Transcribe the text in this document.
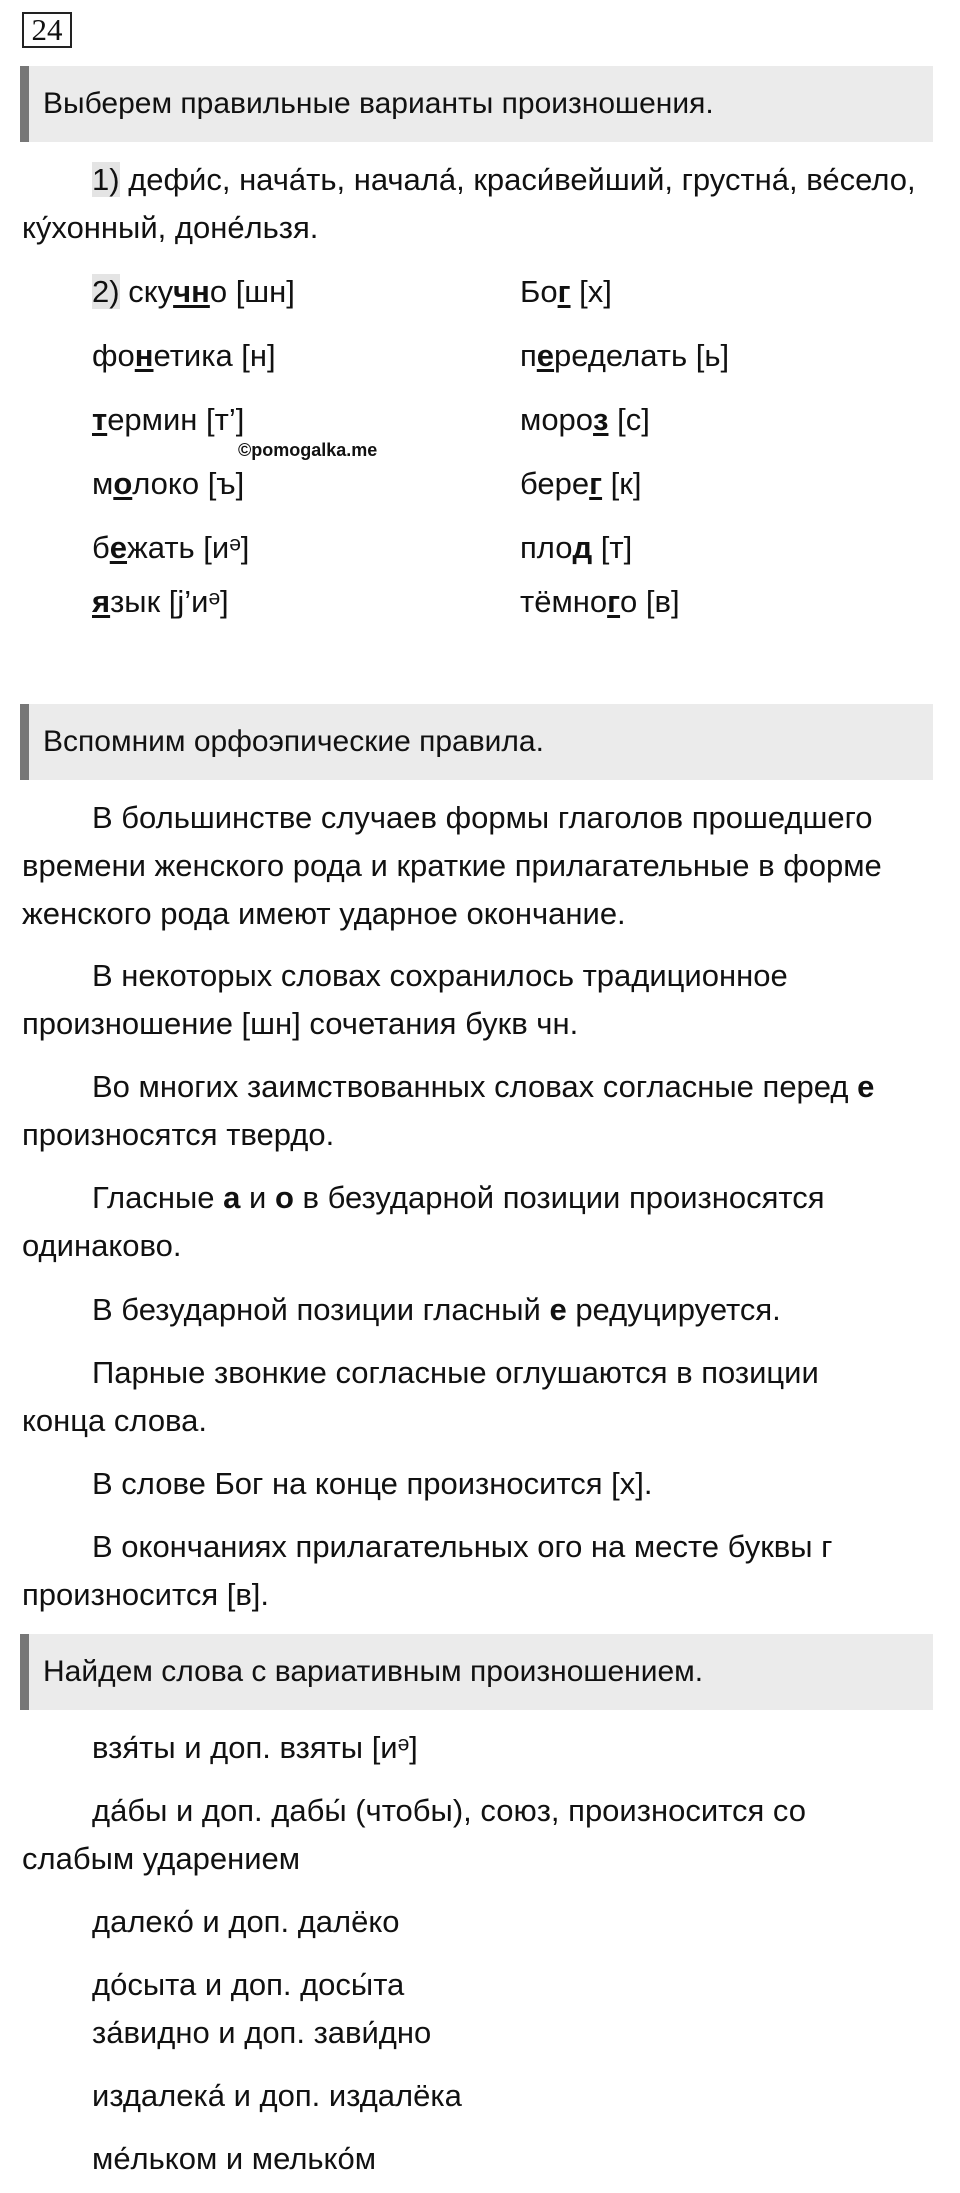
24
Выберем правильные варианты произношения.
1) дефи́с, нача́ть, начала́, краси́вейший, грустна́, ве́село,
ку́хонный, доне́льзя.
2) скучно [шн]
фонетика [н]
термин [т’]
молоко [ъ]
бежать [иᵊ]
язык [j’иᵊ]
Бог [х]
переделать [ь]
мороз [с]
берег [к]
плод [т]
тёмного [в]
©pomogalka.me
Вспомним орфоэпические правила.
В большинстве случаев формы глаголов прошедшего
времени женского рода и краткие прилагательные в форме
женского рода имеют ударное окончание.
В некоторых словах сохранилось традиционное
произношение [шн] сочетания букв чн.
Во многих заимствованных словах согласные перед е
произносятся твердо.
Гласные а и о в безударной позиции произносятся
одинаково.
В безударной позиции гласный е редуцируется.
Парные звонкие согласные оглушаются в позиции
конца слова.
В слове Бог на конце произносится [х].
В окончаниях прилагательных ого на месте буквы г
произносится [в].
Найдем слова с вариативным произношением.
взя́ты и доп. взяты [иᵊ]
да́бы и доп. дабы́ (чтобы), союз, произносится со
слабым ударением
далеко́ и доп. далёко
до́сыта и доп. досы́та
за́видно и доп. зави́дно
издалека́ и доп. издалёка
ме́льком и мелько́м
